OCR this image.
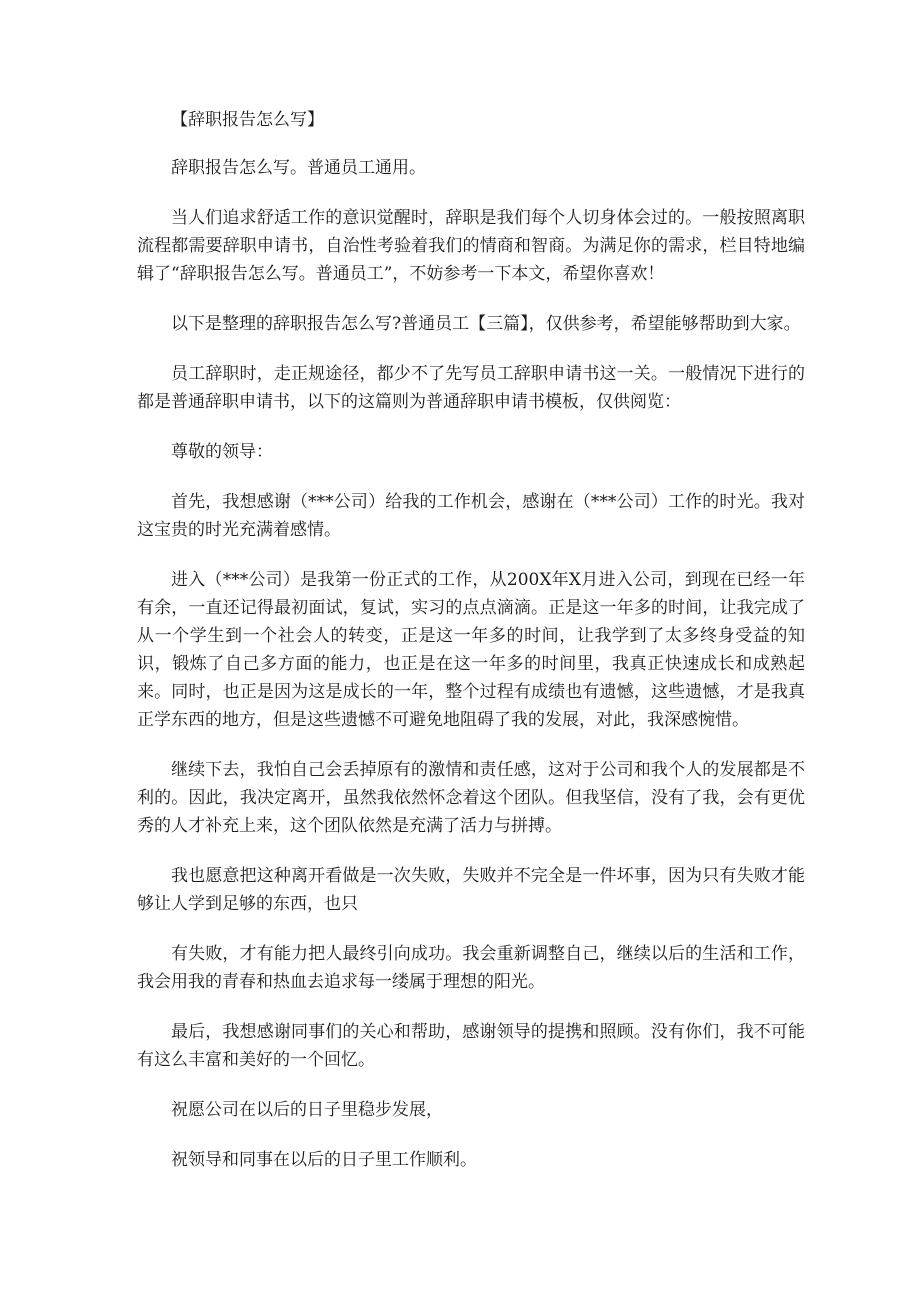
【辞职报告怎么写】

辞职报告怎么写。普通员工通用。

当人们追求舒适工作的意识觉醒时，辞职是我们每个人切身体会过的。一般按照离职流程都需要辞职申请书，自治性考验着我们的情商和智商。为满足你的需求，栏目特地编辑了“辞职报告怎么写。普通员工”，不妨参考一下本文，希望你喜欢！

以下是整理的辞职报告怎么写?普通员工【三篇】，仅供参考，希望能够帮助到大家。

员工辞职时，走正规途径，都少不了先写员工辞职申请书这一关。一般情况下进行的都是普通辞职申请书，以下的这篇则为普通辞职申请书模板，仅供阅览：

尊敬的领导：

首先，我想感谢（***公司）给我的工作机会，感谢在（***公司）工作的时光。我对这宝贵的时光充满着感情。

进入（***公司）是我第一份正式的工作，从200X年X月进入公司，到现在已经一年有余，一直还记得最初面试，复试，实习的点点滴滴。正是这一年多的时间，让我完成了从一个学生到一个社会人的转变，正是这一年多的时间，让我学到了太多终身受益的知识，锻炼了自己多方面的能力，也正是在这一年多的时间里，我真正快速成长和成熟起来。同时，也正是因为这是成长的一年，整个过程有成绩也有遗憾，这些遗憾，才是我真正学东西的地方，但是这些遗憾不可避免地阻碍了我的发展，对此，我深感惋惜。

继续下去，我怕自己会丢掉原有的激情和责任感，这对于公司和我个人的发展都是不利的。因此，我决定离开，虽然我依然怀念着这个团队。但我坚信，没有了我，会有更优秀的人才补充上来，这个团队依然是充满了活力与拼搏。

我也愿意把这种离开看做是一次失败，失败并不完全是一件坏事，因为只有失败才能够让人学到足够的东西，也只

有失败，才有能力把人最终引向成功。我会重新调整自己，继续以后的生活和工作，我会用我的青春和热血去追求每一缕属于理想的阳光。

最后，我想感谢同事们的关心和帮助，感谢领导的提携和照顾。没有你们，我不可能有这么丰富和美好的一个回忆。

祝愿公司在以后的日子里稳步发展，

祝领导和同事在以后的日子里工作顺利。
